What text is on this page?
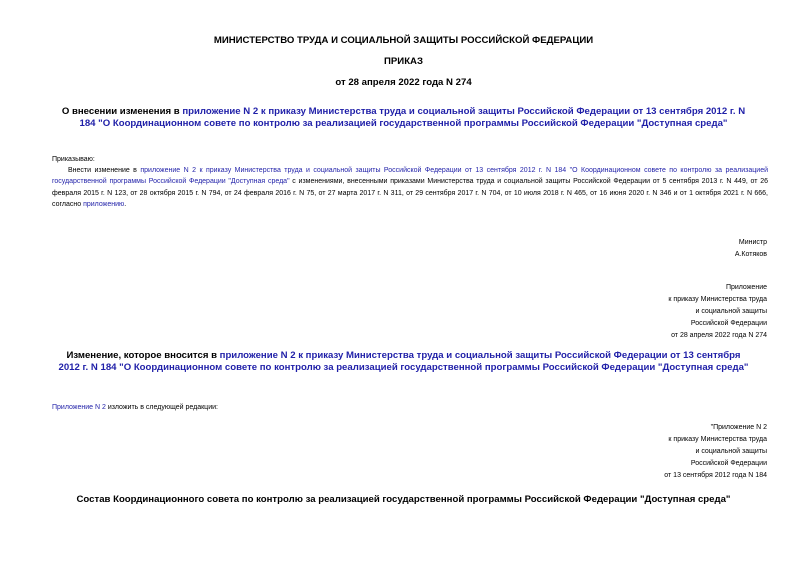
МИНИСТЕРСТВО ТРУДА И СОЦИАЛЬНОЙ ЗАЩИТЫ РОССИЙСКОЙ ФЕДЕРАЦИИ
ПРИКАЗ
от 28 апреля 2022 года N 274
О внесении изменения в приложение N 2 к приказу Министерства труда и социальной защиты Российской Федерации от 13 сентября 2012 г. N 184 "О Координационном совете по контролю за реализацией государственной программы Российской Федерации "Доступная среда"
Приказываю:
Внести изменение в приложение N 2 к приказу Министерства труда и социальной защиты Российской Федерации от 13 сентября 2012 г. N 184 "О Координационном совете по контролю за реализацией государственной программы Российской Федерации "Доступная среда" с изменениями, внесенными приказами Министерства труда и социальной защиты Российской Федерации от 5 сентября 2013 г. N 449, от 26 февраля 2015 г. N 123, от 28 октября 2015 г. N 794, от 24 февраля 2016 г. N 75, от 27 марта 2017 г. N 311, от 29 сентября 2017 г. N 704, от 10 июля 2018 г. N 465, от 16 июня 2020 г. N 346 и от 1 октября 2021 г. N 666, согласно приложению.
Министр
А.Котяков
Приложение
к приказу Министерства труда
и социальной защиты
Российской Федерации
от 28 апреля 2022 года N 274
Изменение, которое вносится в приложение N 2 к приказу Министерства труда и социальной защиты Российской Федерации от 13 сентября 2012 г. N 184 "О Координационном совете по контролю за реализацией государственной программы Российской Федерации "Доступная среда"
Приложение N 2 изложить в следующей редакции:
"Приложение N 2
к приказу Министерства труда
и социальной защиты
Российской Федерации
от 13 сентября 2012 года N 184
Состав Координационного совета по контролю за реализацией государственной программы Российской Федерации "Доступная среда"
